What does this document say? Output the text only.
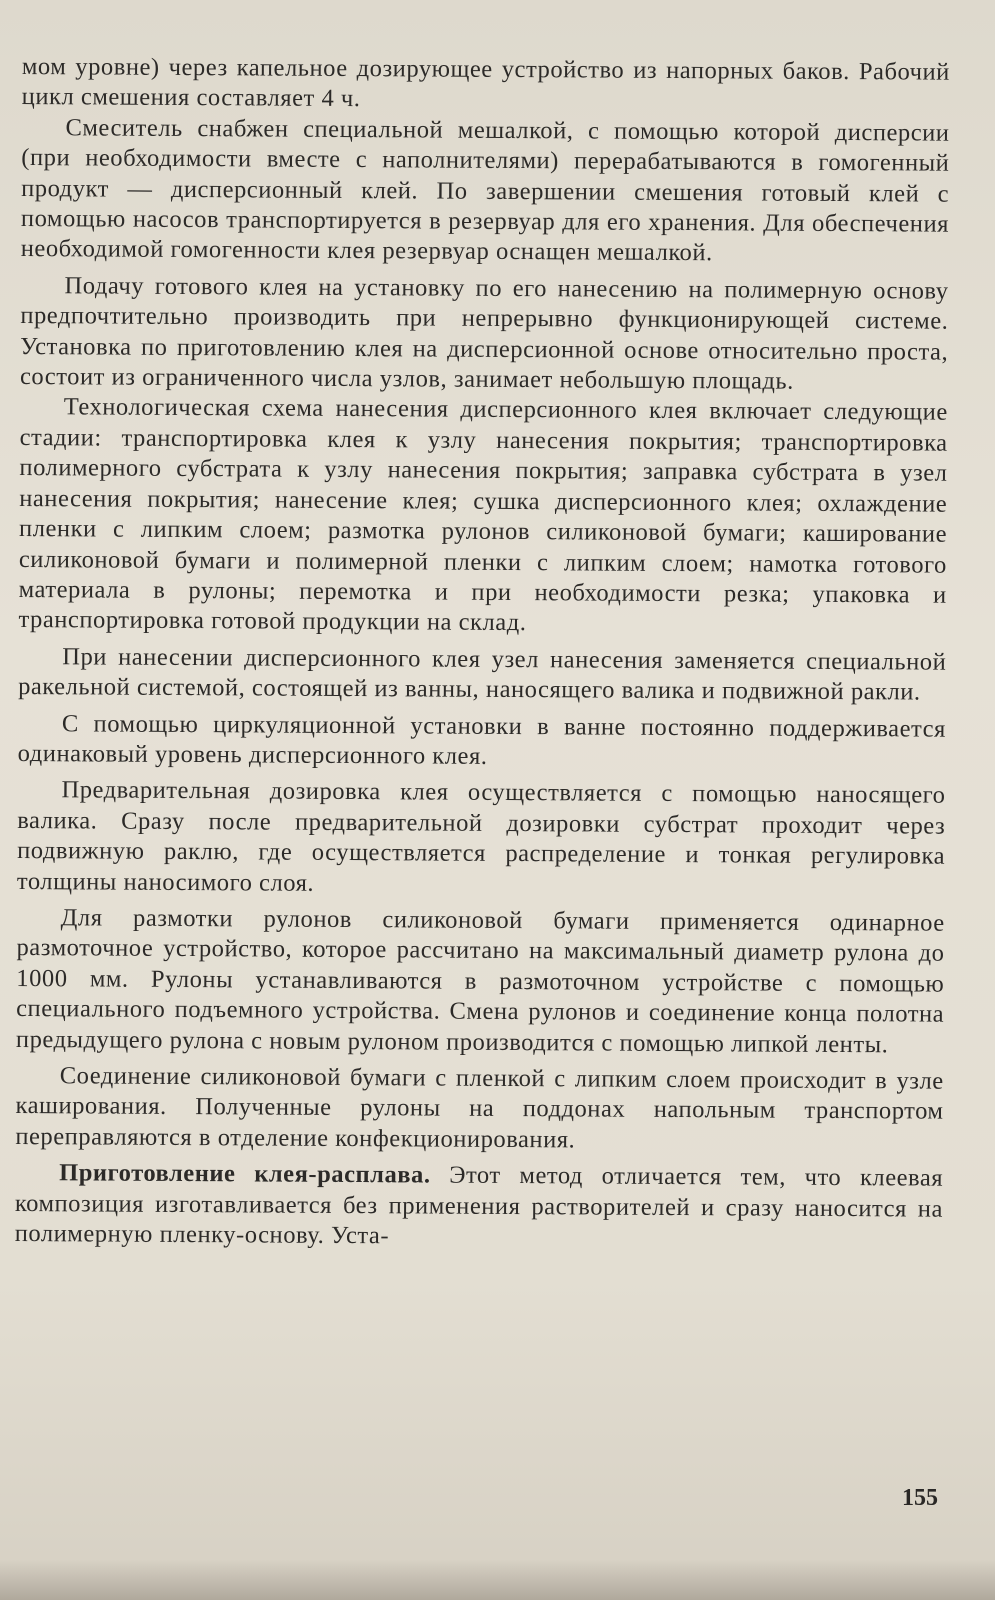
мом уровне) через капельное дозирующее устройство из напорных баков. Рабочий цикл смешения составляет 4 ч.

Смеситель снабжен специальной мешалкой, с помощью которой дисперсии (при необходимости вместе с наполнителями) перерабатываются в гомогенный продукт — дисперсионный клей. По завершении смешения готовый клей с помощью насосов транспортируется в резервуар для его хранения. Для обеспечения необходимой гомогенности клея резервуар оснащен мешалкой.

Подачу готового клея на установку по его нанесению на полимерную основу предпочтительно производить при непрерывно функционирующей системе. Установка по приготовлению клея на дисперсионной основе относительно проста, состоит из ограниченного числа узлов, занимает небольшую площадь.

Технологическая схема нанесения дисперсионного клея включает следующие стадии: транспортировка клея к узлу нанесения покрытия; транспортировка полимерного субстрата к узлу нанесения покрытия; заправка субстрата в узел нанесения покрытия; нанесение клея; сушка дисперсионного клея; охлаждение пленки с липким слоем; размотка рулонов силиконовой бумаги; каширование силиконовой бумаги и полимерной пленки с липким слоем; намотка готового материала в рулоны; перемотка и при необходимости резка; упаковка и транспортировка готовой продукции на склад.

При нанесении дисперсионного клея узел нанесения заменяется специальной ракельной системой, состоящей из ванны, наносящего валика и подвижной ракли.

С помощью циркуляционной установки в ванне постоянно поддерживается одинаковый уровень дисперсионного клея.

Предварительная дозировка клея осуществляется с помощью наносящего валика. Сразу после предварительной дозировки субстрат проходит через подвижную раклю, где осуществляется распределение и тонкая регулировка толщины наносимого слоя.

Для размотки рулонов силиконовой бумаги применяется одинарное размоточное устройство, которое рассчитано на максимальный диаметр рулона до 1000 мм. Рулоны устанавливаются в размоточном устройстве с помощью специального подъемного устройства. Смена рулонов и соединение конца полотна предыдущего рулона с новым рулоном производится с помощью липкой ленты.

Соединение силиконовой бумаги с пленкой с липким слоем происходит в узле каширования. Полученные рулоны на поддонах напольным транспортом переправляются в отделение конфекционирования.

Приготовление клея-расплава. Этот метод отличается тем, что клеевая композиция изготавливается без применения растворителей и сразу наносится на полимерную пленку-основу. Уста-

155
